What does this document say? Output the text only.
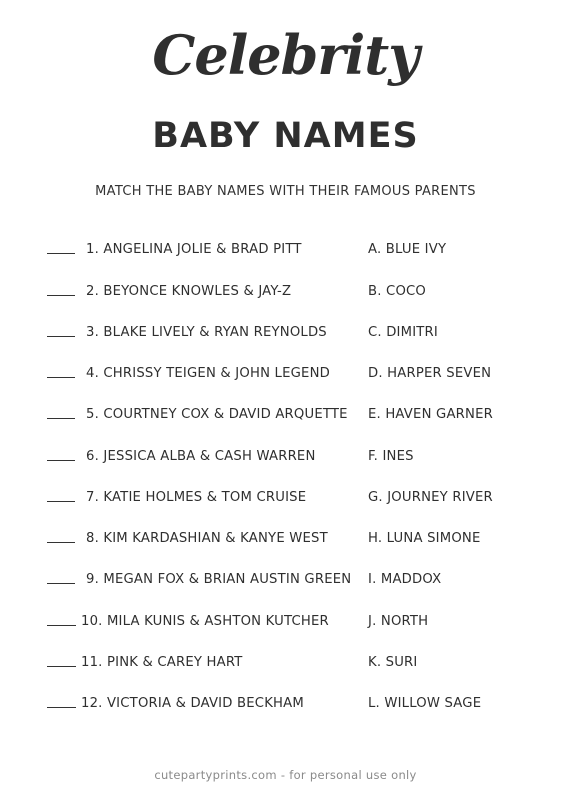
Celebrity
BABY NAMES
MATCH THE BABY NAMES WITH THEIR FAMOUS PARENTS
1. ANGELINA JOLIE & BRAD PITT	A. BLUE IVY
2. BEYONCE KNOWLES & JAY-Z	B. COCO
3. BLAKE LIVELY & RYAN REYNOLDS	C. DIMITRI
4. CHRISSY TEIGEN & JOHN LEGEND	D. HARPER SEVEN
5. COURTNEY COX & DAVID ARQUETTE E. HAVEN GARNER
6. JESSICA ALBA & CASH WARREN	F. INES
7. KATIE HOLMES & TOM CRUISE	G. JOURNEY RIVER
8. KIM KARDASHIAN & KANYE WEST	H. LUNA SIMONE
9. MEGAN FOX & BRIAN AUSTIN GREEN I. MADDOX
10. MILA KUNIS & ASHTON KUTCHER	J. NORTH
11. PINK & CAREY HART	K. SURI
12. VICTORIA & DAVID BECKHAM	L. WILLOW SAGE
cutepartyprints.com - for personal use only
